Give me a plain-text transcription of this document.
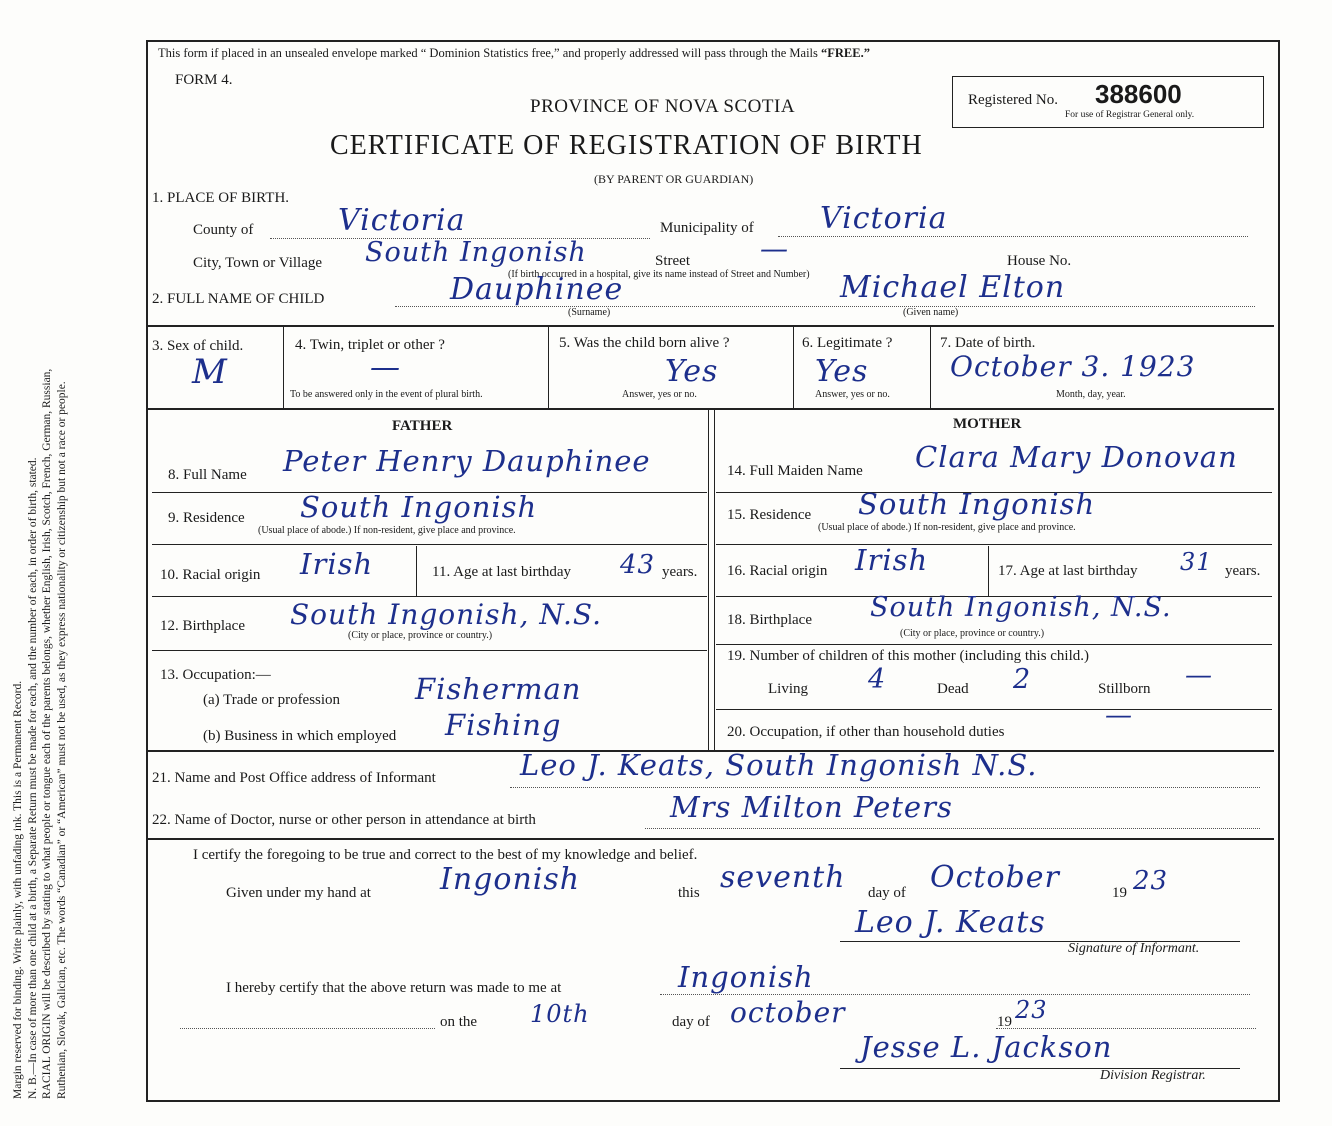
Margin reserved for binding. Write plainly, with unfading ink. This is a Permanent Record. N. B.—In case of more than one child at a birth, a Separate Return must be made for each, and the number of each, in order of birth, stated. RACIAL ORIGIN will be described by stating to what people or tongue each of the parents belongs, whether English, Irish, Scotch, French, German, Russian, Ruthenian, Slovak, Galician, etc. The words “Canadian” or “American” must not be used, as they express nationality or citizenship but not a race or people.
This form if placed in an unsealed envelope marked “ Dominion Statistics free,” and properly addressed will pass through the Mails “FREE.”
FORM 4.
PROVINCE OF NOVA SCOTIA
CERTIFICATE OF REGISTRATION OF BIRTH
(BY PARENT OR GUARDIAN)
Registered No. 388600
For use of Registrar General only.
1. PLACE OF BIRTH.
County of	Victoria	Municipality of Victoria
City, Town or Village South Ingonish	Street	—	House No.
(If birth occurred in a hospital, give its name instead of Street and Number)
2. FULL NAME OF CHILD	Dauphinee	Michael Elton
(Surname)	(Given name)
3. Sex of child.
M
4. Twin, triplet or other ?
—
To be answered only in the event of plural birth.
5. Was the child born alive ?
Yes
Answer, yes or no.
6. Legitimate ?
Yes
Answer, yes or no.
7. Date of birth.
October 3. 1923
Month, day, year.
FATHER	MOTHER
8. Full Name Peter Henry Dauphinee
9. Residence South Ingonish
(Usual place of abode.) If non-resident, give place and province.
10. Racial origin Irish	11. Age at last birthday 43 years.
12. Birthplace South Ingonish, N.S.
(City or place, province or country.)
13. Occupation:—
(a) Trade or profession	Fisherman
(b) Business in which employed Fishing
14. Full Maiden Name Clara Mary Donovan
15. Residence South Ingonish
(Usual place of abode.) If non-resident, give place and province.
16. Racial origin Irish	17. Age at last birthday 31 years.
18. Birthplace South Ingonish, N.S.
(City or place, province or country.)
19. Number of children of this mother (including this child.)
Living 4	Dead 2	Stillborn —
20. Occupation, if other than household duties
—
21. Name and Post Office address of Informant	Leo J. Keats, South Ingonish N.S.
22. Name of Doctor, nurse or other person in attendance at birth	Mrs Milton Peters
I certify the foregoing to be true and correct to the best of my knowledge and belief.
Given under my hand at Ingonish	this seventh day of October	19 23
Leo J. Keats
Signature of Informant.
I hereby certify that the above return was made to me at	Ingonish
on the 10th	day of october	19 23
Jesse L. Jackson
Division Registrar.
